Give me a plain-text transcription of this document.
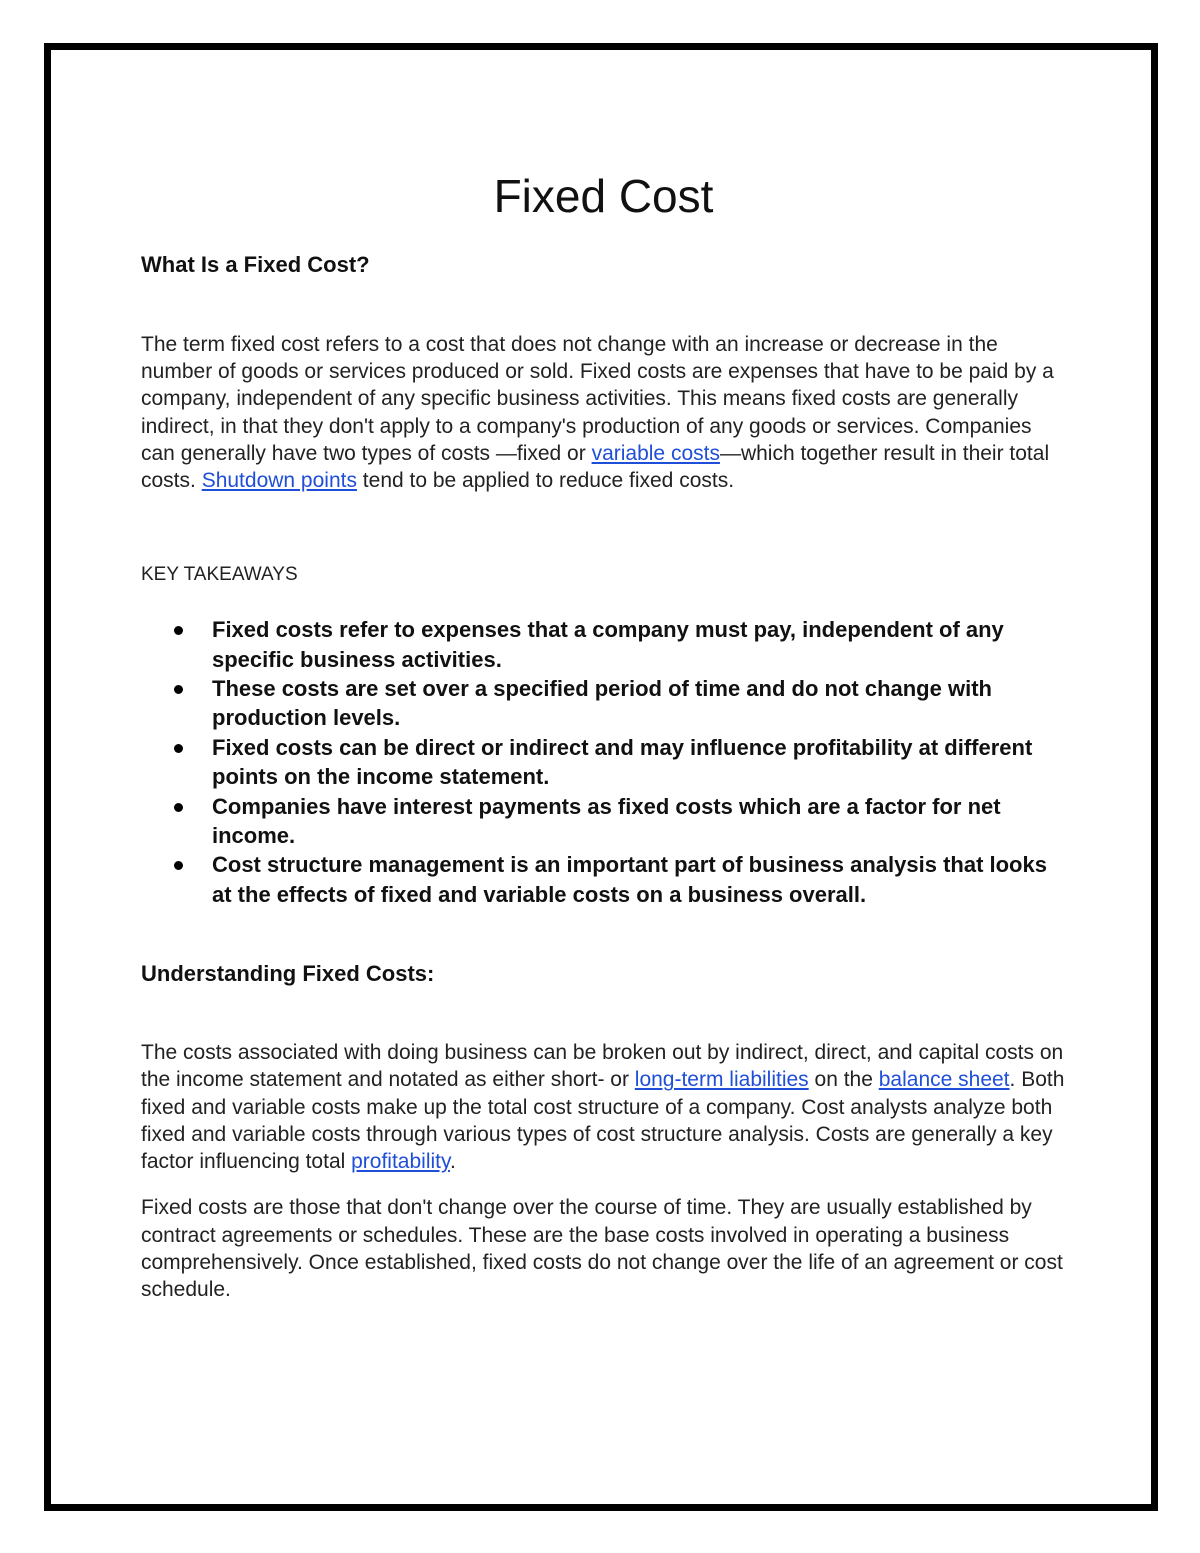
Fixed Cost
What Is a Fixed Cost?

The term fixed cost refers to a cost that does not change with an increase or decrease in the number of goods or services produced or sold. Fixed costs are expenses that have to be paid by a company, independent of any specific business activities. This means fixed costs are generally indirect, in that they don't apply to a company's production of any goods or services. Companies can generally have two types of costs —fixed or variable costs—which together result in their total costs. Shutdown points tend to be applied to reduce fixed costs.

KEY TAKEAWAYS

Fixed costs refer to expenses that a company must pay, independent of any specific business activities.
These costs are set over a specified period of time and do not change with production levels.
Fixed costs can be direct or indirect and may influence profitability at different points on the income statement.
Companies have interest payments as fixed costs which are a factor for net income.
Cost structure management is an important part of business analysis that looks at the effects of fixed and variable costs on a business overall.
Understanding Fixed Costs:

The costs associated with doing business can be broken out by indirect, direct, and capital costs on the income statement and notated as either short- or long-term liabilities on the balance sheet. Both fixed and variable costs make up the total cost structure of a company. Cost analysts analyze both fixed and variable costs through various types of cost structure analysis. Costs are generally a key factor influencing total profitability.

Fixed costs are those that don't change over the course of time. They are usually established by contract agreements or schedules. These are the base costs involved in operating a business comprehensively. Once established, fixed costs do not change over the life of an agreement or cost schedule.
